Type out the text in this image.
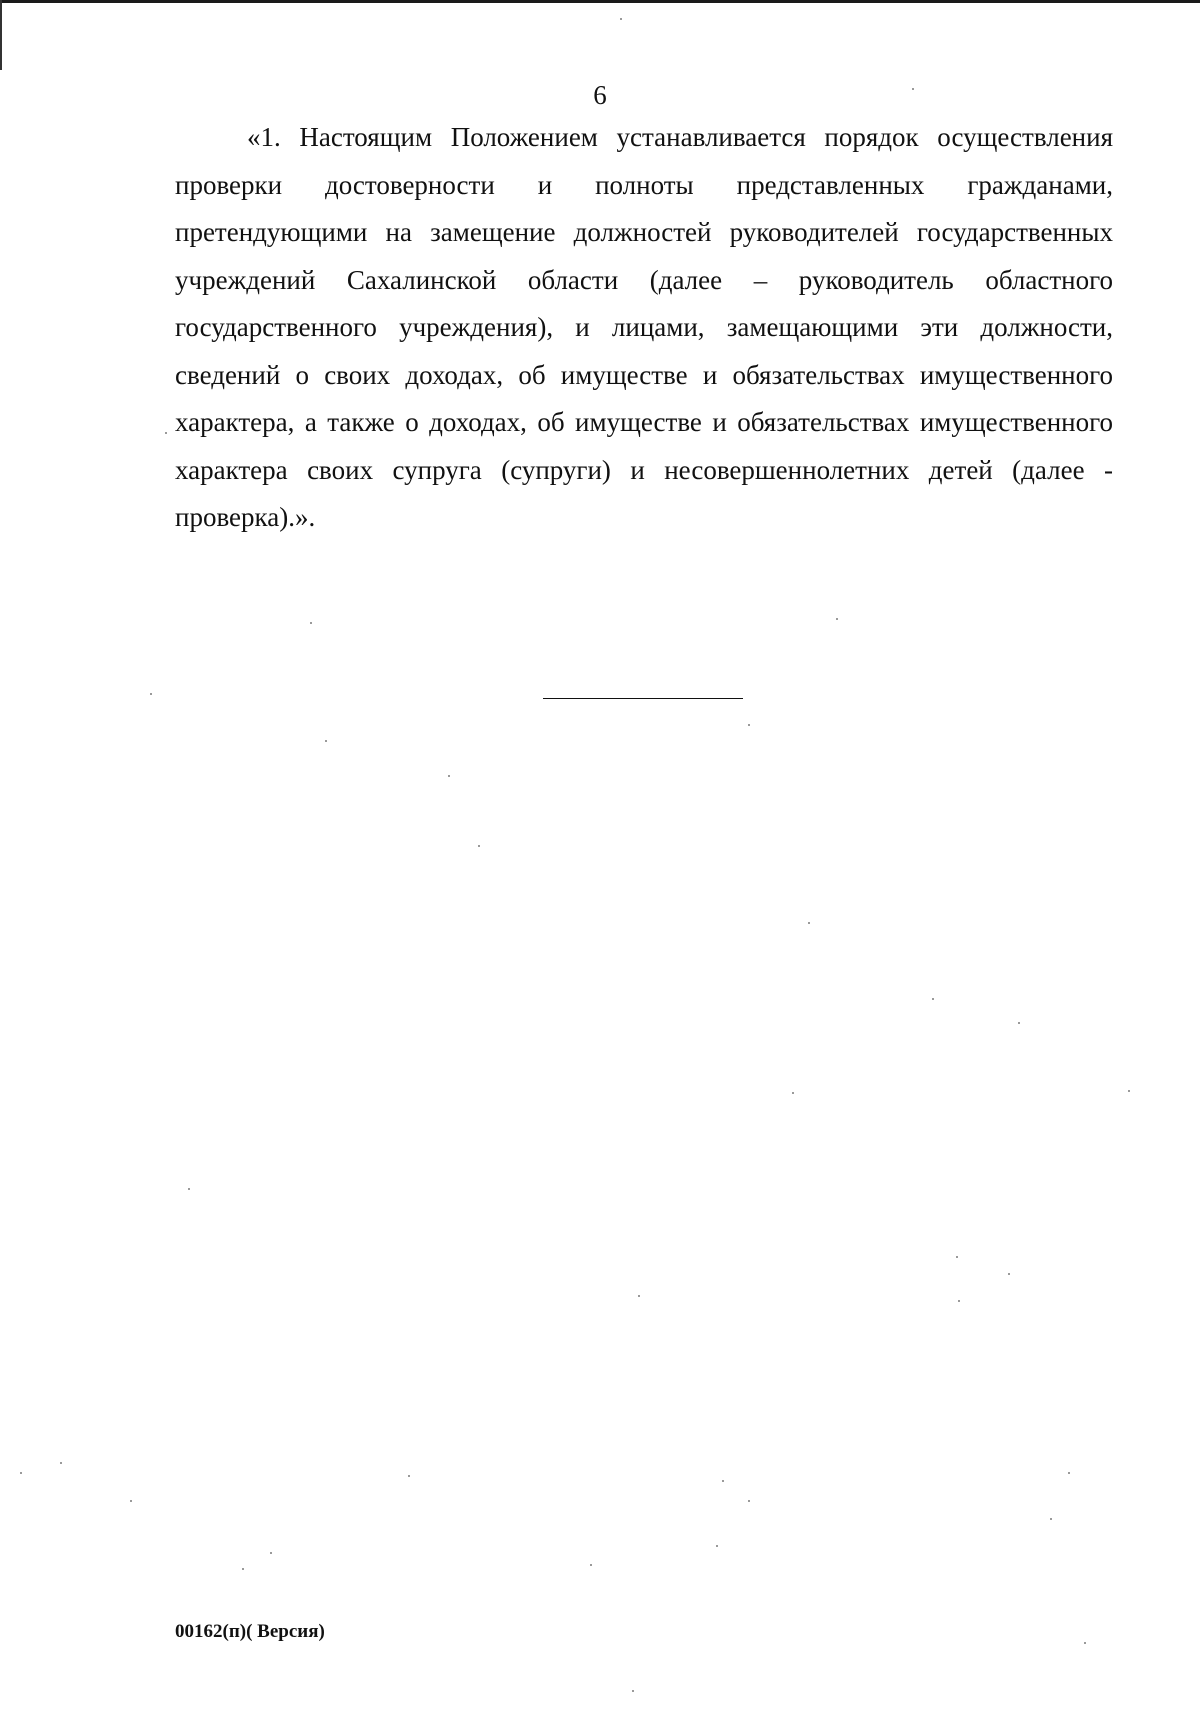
6

«1. Настоящим Положением устанавливается порядок осуществления проверки достоверности и полноты представленных гражданами, претендующими на замещение должностей руководителей государственных учреждений Сахалинской области (далее – руководитель областного государственного учреждения), и лицами, замещающими эти должности, сведений о своих доходах, об имуществе и обязательствах имущественного характера, а также о доходах, об имуществе и обязательствах имущественного характера своих супруга (супруги) и несовершеннолетних детей (далее - проверка).».

00162(п)( Версия)
